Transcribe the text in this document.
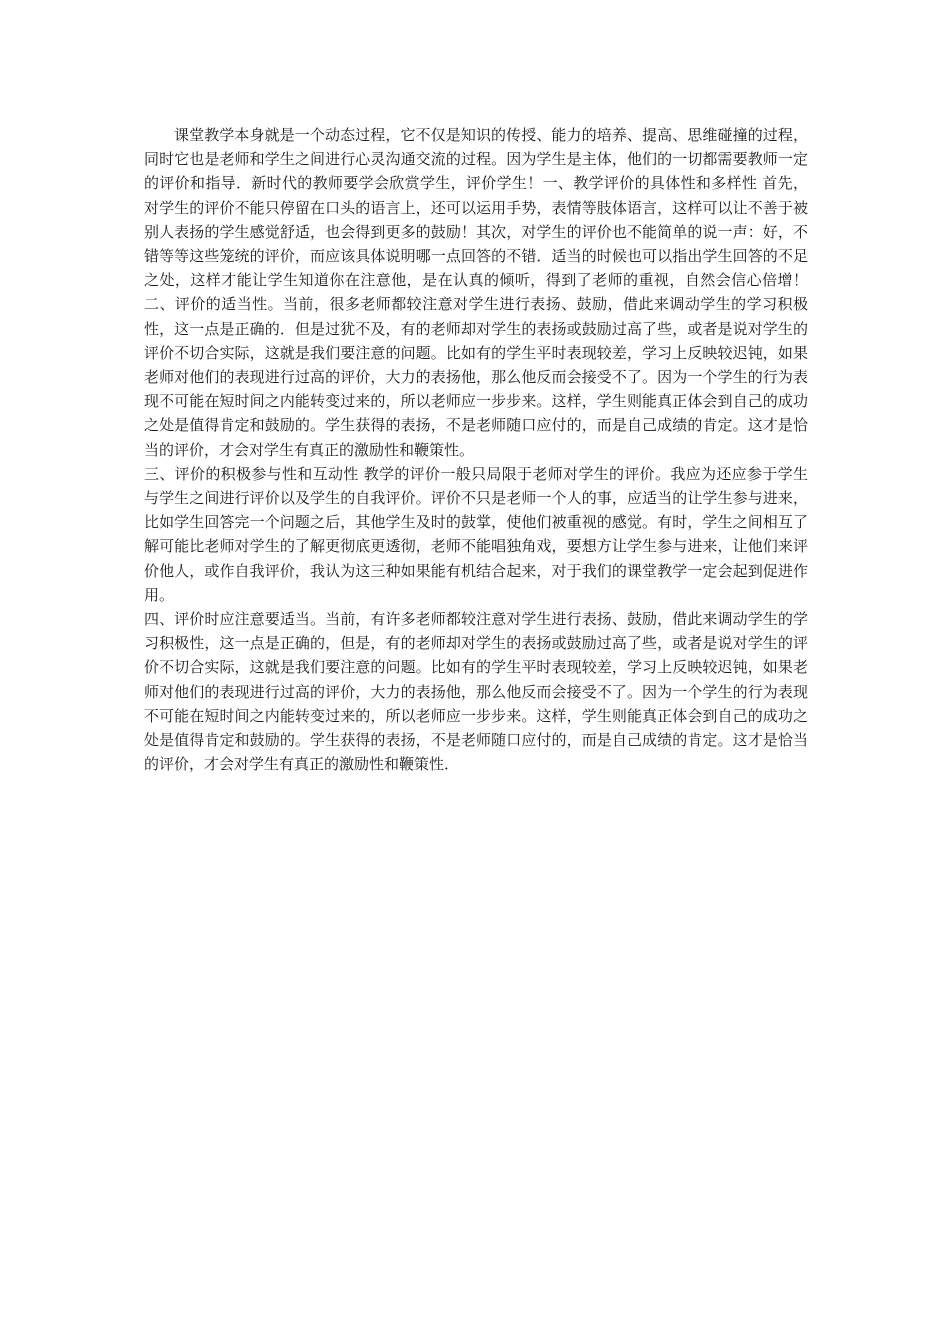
课堂教学本身就是一个动态过程，它不仅是知识的传授、能力的培养、提高、思维碰撞的过程，同时它也是老师和学生之间进行心灵沟通交流的过程。因为学生是主体，他们的一切都需要教师一定的评价和指导．新时代的教师要学会欣赏学生，评价学生！一、教学评价的具体性和多样性 首先，对学生的评价不能只停留在口头的语言上，还可以运用手势，表情等肢体语言，这样可以让不善于被别人表扬的学生感觉舒适，也会得到更多的鼓励！其次，对学生的评价也不能简单的说一声：好，不错等等这些笼统的评价，而应该具体说明哪一点回答的不错．适当的时候也可以指出学生回答的不足之处，这样才能让学生知道你在注意他，是在认真的倾听，得到了老师的重视，自然会信心倍增！ 二、评价的适当性。当前，很多老师都较注意对学生进行表扬、鼓励，借此来调动学生的学习积极性，这一点是正确的．但是过犹不及，有的老师却对学生的表扬或鼓励过高了些，或者是说对学生的评价不切合实际，这就是我们要注意的问题。比如有的学生平时表现较差，学习上反映较迟钝，如果老师对他们的表现进行过高的评价，大力的表扬他，那么他反而会接受不了。因为一个学生的行为表现不可能在短时间之内能转变过来的，所以老师应一步步来。这样，学生则能真正体会到自己的成功之处是值得肯定和鼓励的。学生获得的表扬，不是老师随口应付的，而是自己成绩的肯定。这才是恰当的评价，才会对学生有真正的激励性和鞭策性。

三、评价的积极参与性和互动性 教学的评价一般只局限于老师对学生的评价。我应为还应参于学生与学生之间进行评价以及学生的自我评价。评价不只是老师一个人的事，应适当的让学生参与进来，比如学生回答完一个问题之后，其他学生及时的鼓掌，使他们被重视的感觉。有时，学生之间相互了解可能比老师对学生的了解更彻底更透彻，老师不能唱独角戏，要想方让学生参与进来，让他们来评价他人，或作自我评价，我认为这三种如果能有机结合起来，对于我们的课堂教学一定会起到促进作用。

四、评价时应注意要适当。当前，有许多老师都较注意对学生进行表扬、鼓励，借此来调动学生的学习积极性，这一点是正确的，但是，有的老师却对学生的表扬或鼓励过高了些，或者是说对学生的评价不切合实际，这就是我们要注意的问题。比如有的学生平时表现较差，学习上反映较迟钝，如果老师对他们的表现进行过高的评价，大力的表扬他，那么他反而会接受不了。因为一个学生的行为表现不可能在短时间之内能转变过来的，所以老师应一步步来。这样，学生则能真正体会到自己的成功之处是值得肯定和鼓励的。学生获得的表扬，不是老师随口应付的，而是自己成绩的肯定。这才是恰当的评价，才会对学生有真正的激励性和鞭策性．
